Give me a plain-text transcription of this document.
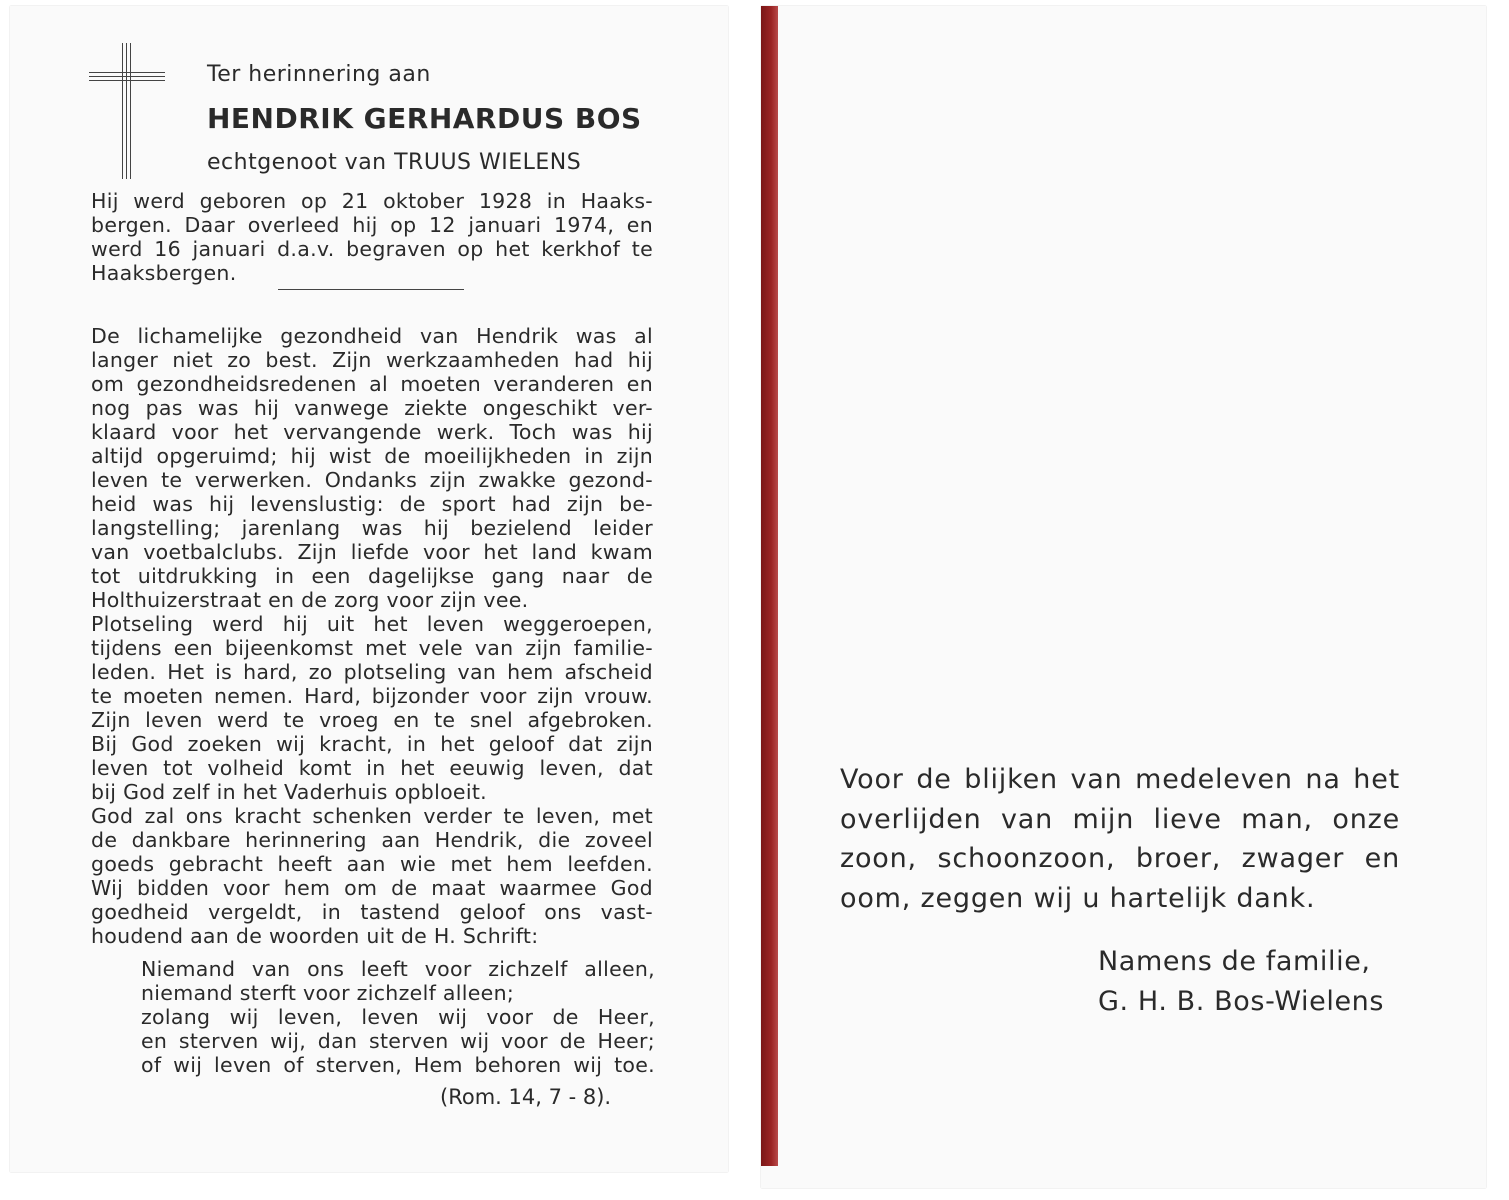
Ter herinnering aan
HENDRIK GERHARDUS BOS
echtgenoot van TRUUS WIELENS
Hij werd geboren op 21 oktober 1928 in Haaks-
bergen. Daar overleed hij op 12 januari 1974, en
werd 16 januari d.a.v. begraven op het kerkhof te
Haaksbergen.
De lichamelijke gezondheid van Hendrik was al
langer niet zo best. Zijn werkzaamheden had hij
om gezondheidsredenen al moeten veranderen en
nog pas was hij vanwege ziekte ongeschikt ver-
klaard voor het vervangende werk. Toch was hij
altijd opgeruimd; hij wist de moeilijkheden in zijn
leven te verwerken. Ondanks zijn zwakke gezond-
heid was hij levenslustig: de sport had zijn be-
langstelling; jarenlang was hij bezielend leider
van voetbalclubs. Zijn liefde voor het land kwam
tot uitdrukking in een dagelijkse gang naar de
Holthuizerstraat en de zorg voor zijn vee.
Plotseling werd hij uit het leven weggeroepen,
tijdens een bijeenkomst met vele van zijn familie-
leden. Het is hard, zo plotseling van hem afscheid
te moeten nemen. Hard, bijzonder voor zijn vrouw.
Zijn leven werd te vroeg en te snel afgebroken.
Bij God zoeken wij kracht, in het geloof dat zijn
leven tot volheid komt in het eeuwig leven, dat
bij God zelf in het Vaderhuis opbloeit.
God zal ons kracht schenken verder te leven, met
de dankbare herinnering aan Hendrik, die zoveel
goeds gebracht heeft aan wie met hem leefden.
Wij bidden voor hem om de maat waarmee God
goedheid vergeldt, in tastend geloof ons vast-
houdend aan de woorden uit de H. Schrift:
Niemand van ons leeft voor zichzelf alleen,
niemand sterft voor zichzelf alleen;
zolang wij leven, leven wij voor de Heer,
en sterven wij, dan sterven wij voor de Heer;
of wij leven of sterven, Hem behoren wij toe.
(Rom. 14, 7 - 8).
Voor de blijken van medeleven na het
overlijden van mijn lieve man, onze
zoon, schoonzoon, broer, zwager en
oom, zeggen wij u hartelijk dank.
Namens de familie,
G. H. B. Bos-Wielens
